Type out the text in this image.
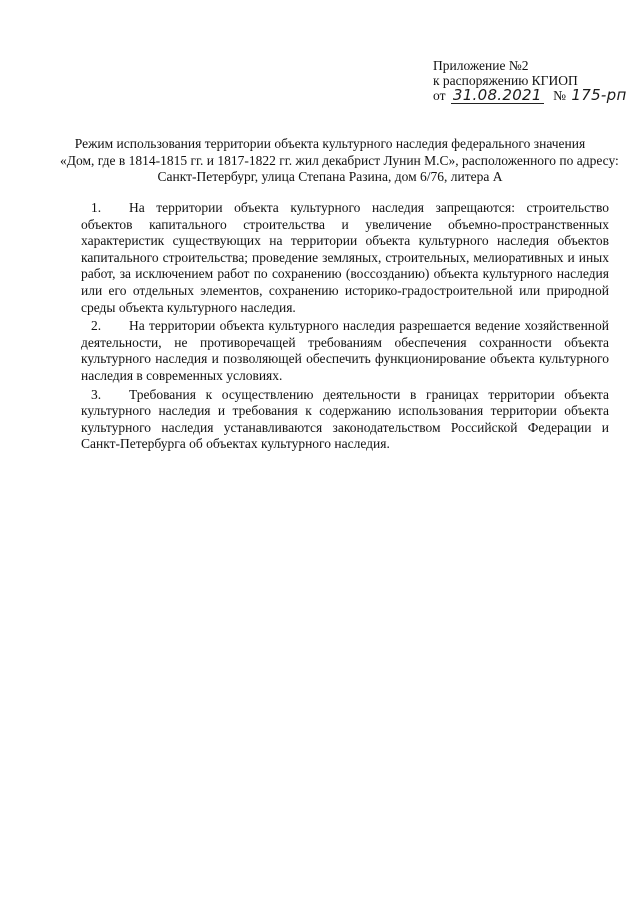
Приложение №2
к распоряжению КГИОП
от 31.08.2021 № 175-рп
Режим использования территории объекта культурного наследия федерального значения
«Дом, где в 1814-1815 гг. и 1817-1822 гг. жил декабрист Лунин М.С», расположенного по адресу:
Санкт-Петербург, улица Степана Разина, дом 6/76, литера А

1. На территории объекта культурного наследия запрещаются: строительство объектов капитального строительства и увеличение объемно-пространственных характеристик существующих на территории объекта культурного наследия объектов капитального строительства; проведение земляных, строительных, мелиоративных и иных работ, за исключением работ по сохранению (воссозданию) объекта культурного наследия или его отдельных элементов, сохранению историко-градостроительной или природной среды объекта культурного наследия.

2. На территории объекта культурного наследия разрешается ведение хозяйственной деятельности, не противоречащей требованиям обеспечения сохранности объекта культурного наследия и позволяющей обеспечить функционирование объекта культурного наследия в современных условиях.

3. Требования к осуществлению деятельности в границах территории объекта культурного наследия и требования к содержанию использования территории объекта культурного наследия устанавливаются законодательством Российской Федерации и Санкт-Петербурга об объектах культурного наследия.
